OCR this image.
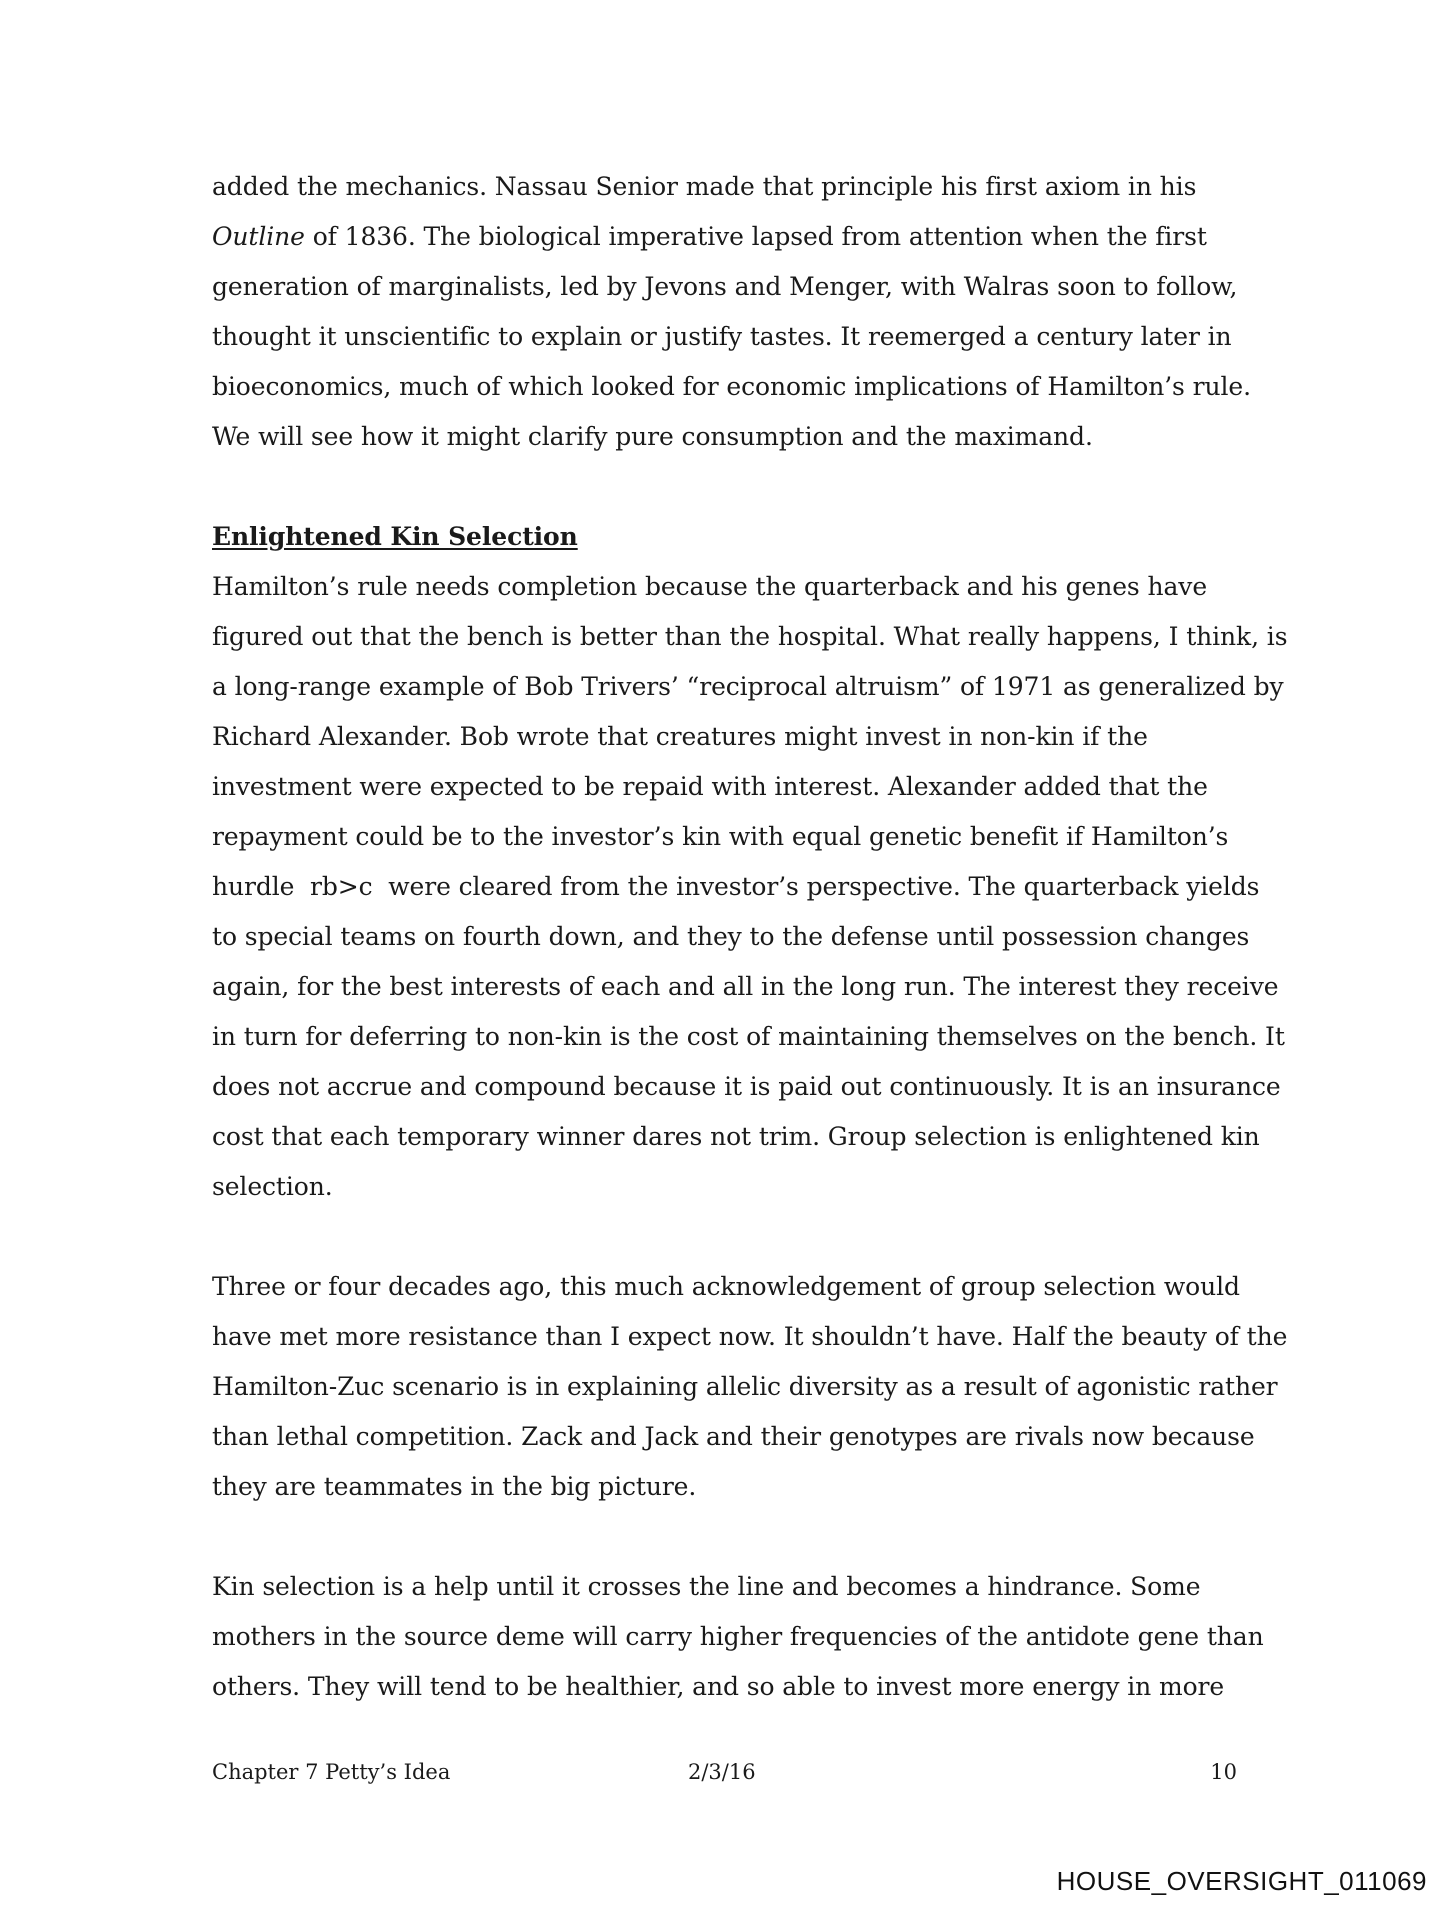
added the mechanics. Nassau Senior made that principle his first axiom in his
Outline of 1836. The biological imperative lapsed from attention when the first
generation of marginalists, led by Jevons and Menger, with Walras soon to follow,
thought it unscientific to explain or justify tastes. It reemerged a century later in
bioeconomics, much of which looked for economic implications of Hamilton’s rule.
We will see how it might clarify pure consumption and the maximand.
Enlightened Kin Selection
Hamilton’s rule needs completion because the quarterback and his genes have
figured out that the bench is better than the hospital. What really happens, I think, is
a long-range example of Bob Trivers’ “reciprocal altruism” of 1971 as generalized by
Richard Alexander. Bob wrote that creatures might invest in non-kin if the
investment were expected to be repaid with interest. Alexander added that the
repayment could be to the investor’s kin with equal genetic benefit if Hamilton’s
hurdle  rb>c  were cleared from the investor’s perspective. The quarterback yields
to special teams on fourth down, and they to the defense until possession changes
again, for the best interests of each and all in the long run. The interest they receive
in turn for deferring to non-kin is the cost of maintaining themselves on the bench. It
does not accrue and compound because it is paid out continuously. It is an insurance
cost that each temporary winner dares not trim. Group selection is enlightened kin
selection.
Three or four decades ago, this much acknowledgement of group selection would
have met more resistance than I expect now. It shouldn’t have. Half the beauty of the
Hamilton-Zuc scenario is in explaining allelic diversity as a result of agonistic rather
than lethal competition. Zack and Jack and their genotypes are rivals now because
they are teammates in the big picture.
Kin selection is a help until it crosses the line and becomes a hindrance. Some
mothers in the source deme will carry higher frequencies of the antidote gene than
others. They will tend to be healthier, and so able to invest more energy in more
Chapter 7 Petty’s Idea	2/3/16	10
HOUSE_OVERSIGHT_011069
